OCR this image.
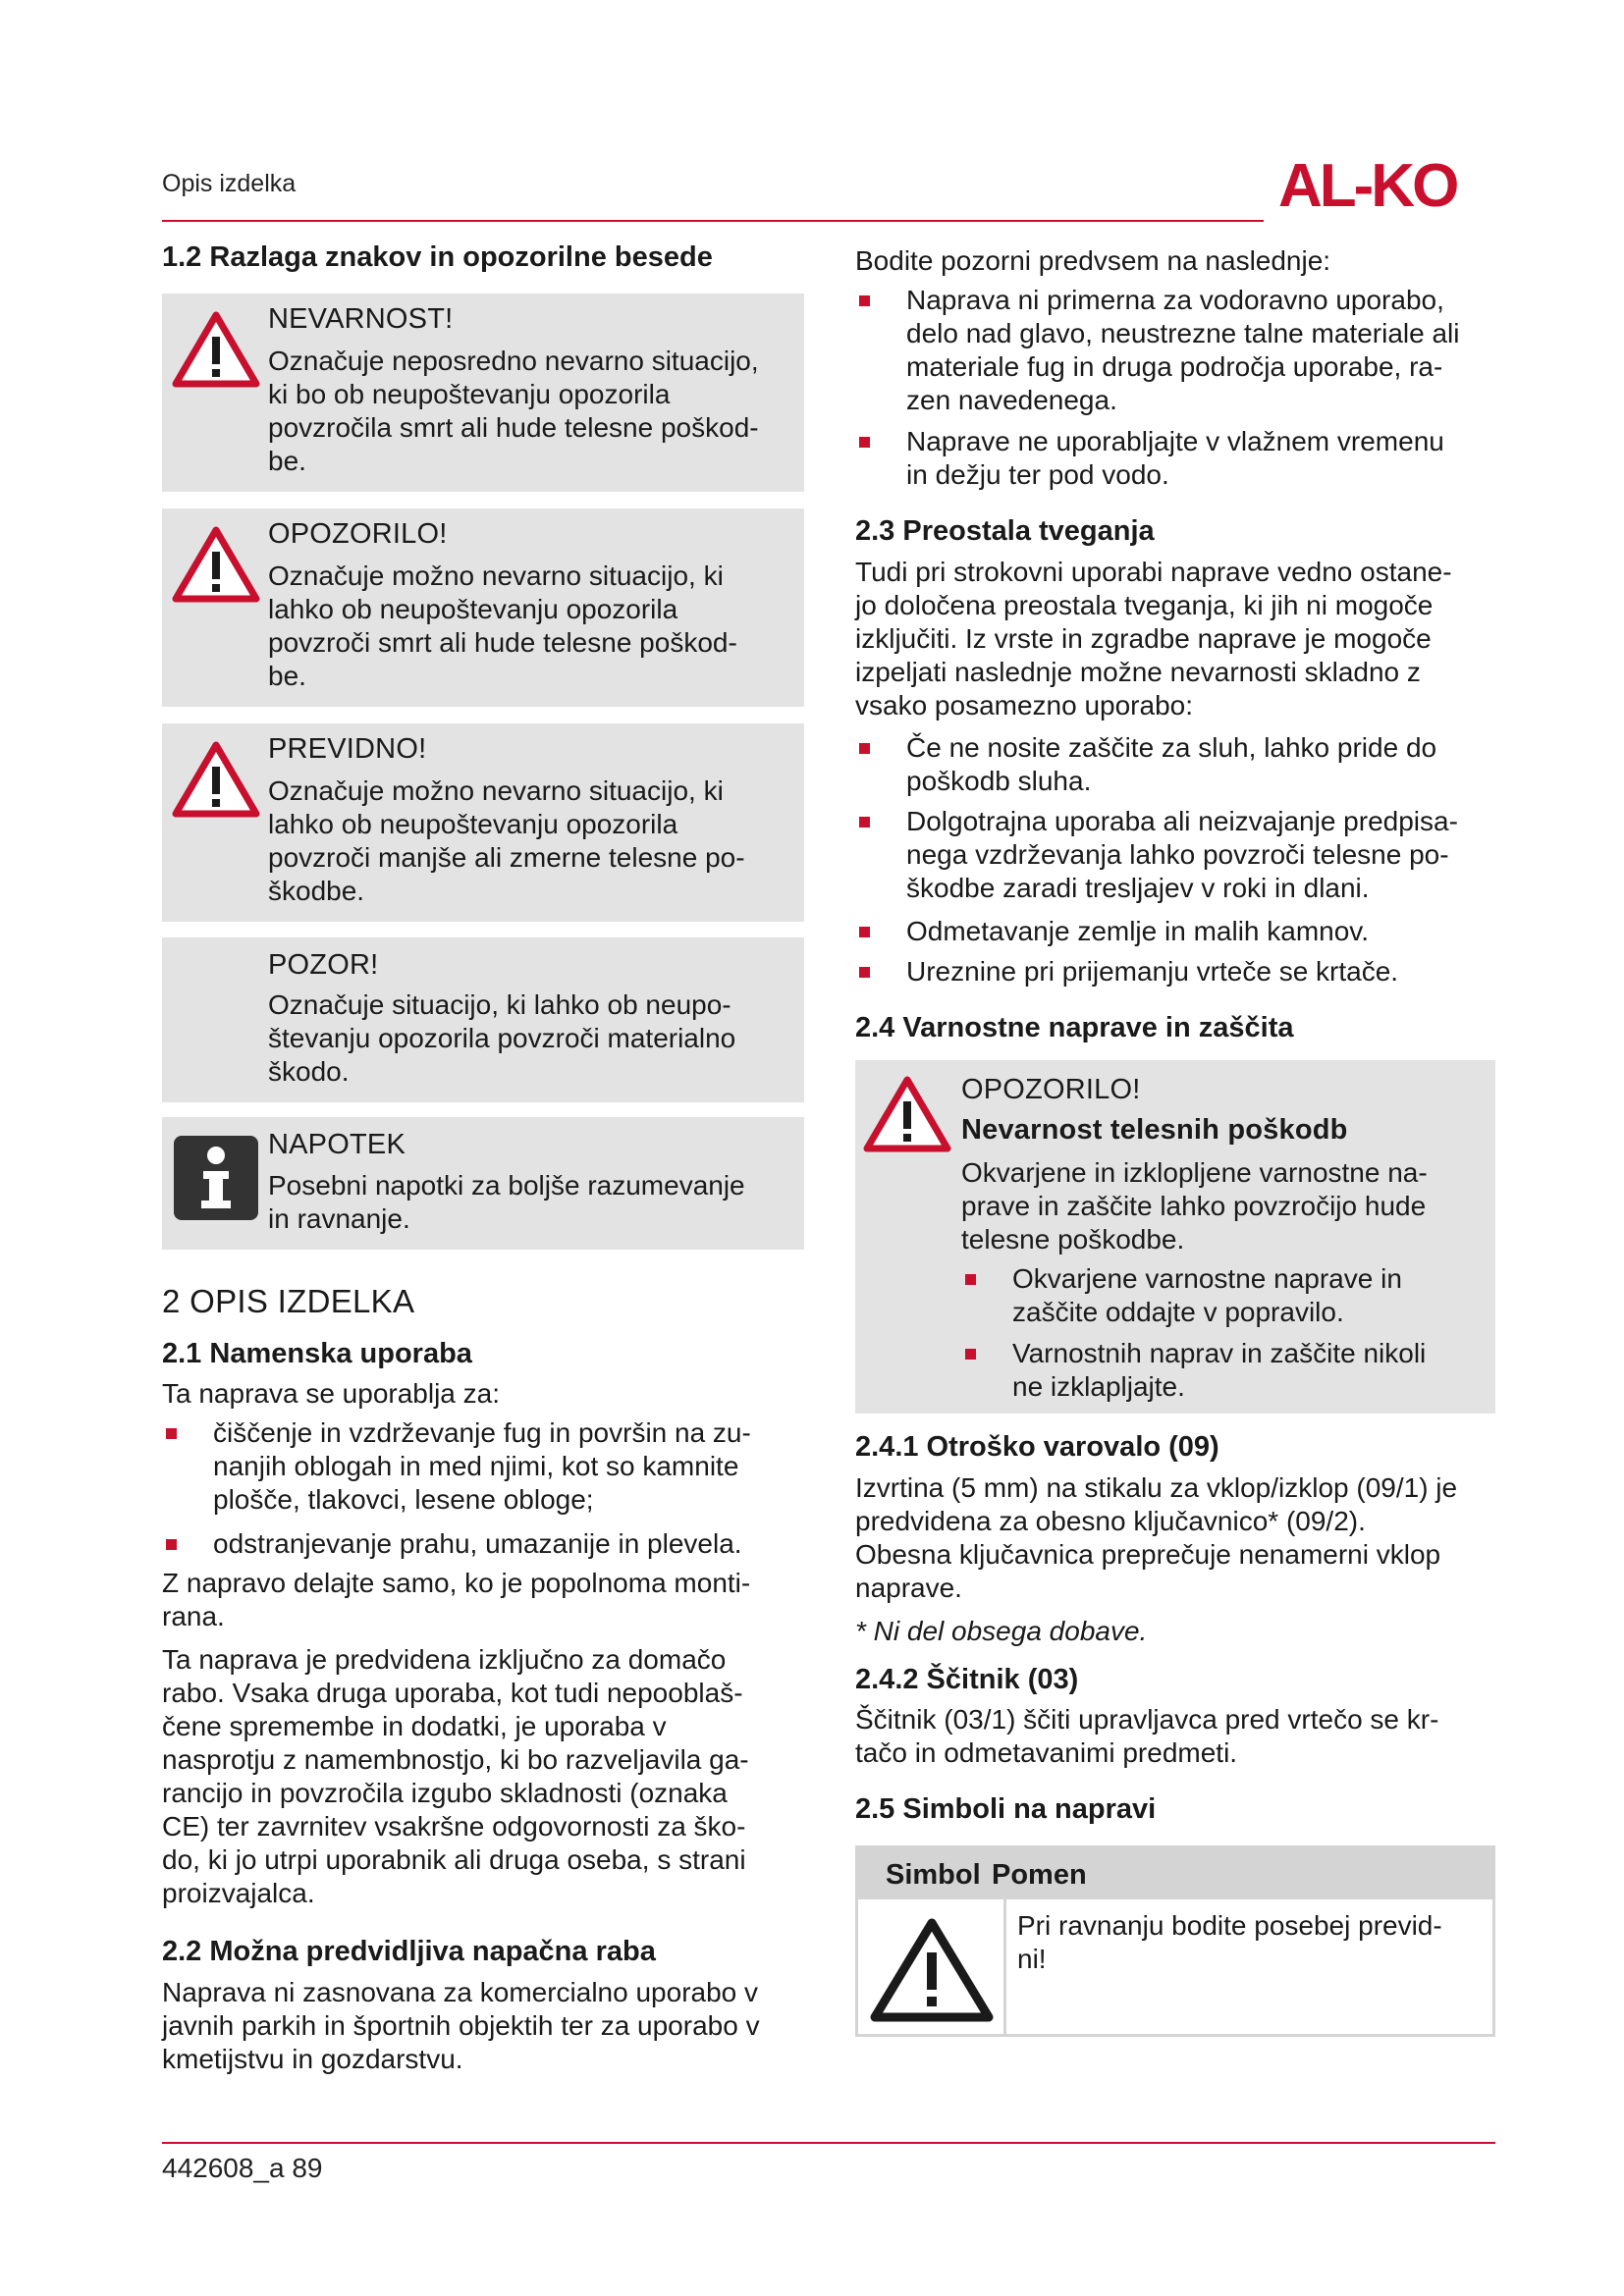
Opis izdelka	AL-KO
1.2 Razlaga znakov in opozorilne besede
NEVARNOST!
Označuje neposredno nevarno situacijo,
ki bo ob neupoštevanju opozorila
povzročila smrt ali hude telesne poškod-
be.
OPOZORILO!
Označuje možno nevarno situacijo, ki
lahko ob neupoštevanju opozorila
povzroči smrt ali hude telesne poškod-
be.
PREVIDNO!
Označuje možno nevarno situacijo, ki
lahko ob neupoštevanju opozorila
povzroči manjše ali zmerne telesne po-
škodbe.
POZOR!
Označuje situacijo, ki lahko ob neupo-
števanju opozorila povzroči materialno
škodo.
NAPOTEK
Posebni napotki za boljše razumevanje
in ravnanje.
2 OPIS IZDELKA
2.1 Namenska uporaba
Ta naprava se uporablja za:
čiščenje in vzdrževanje fug in površin na zu-
nanjih oblogah in med njimi, kot so kamnite
plošče, tlakovci, lesene obloge;
odstranjevanje prahu, umazanije in plevela.
Z napravo delajte samo, ko je popolnoma monti-
rana.
Ta naprava je predvidena izključno za domačo
rabo. Vsaka druga uporaba, kot tudi nepooblaš-
čene spremembe in dodatki, je uporaba v
nasprotju z namembnostjo, ki bo razveljavila ga-
rancijo in povzročila izgubo skladnosti (oznaka
CE) ter zavrnitev vsakršne odgovornosti za ško-
do, ki jo utrpi uporabnik ali druga oseba, s strani
proizvajalca.
2.2 Možna predvidljiva napačna raba
Naprava ni zasnovana za komercialno uporabo v
javnih parkih in športnih objektih ter za uporabo v
kmetijstvu in gozdarstvu.
Bodite pozorni predvsem na naslednje:
Naprava ni primerna za vodoravno uporabo,
delo nad glavo, neustrezne talne materiale ali
materiale fug in druga področja uporabe, ra-
zen navedenega.
Naprave ne uporabljajte v vlažnem vremenu
in dežju ter pod vodo.
2.3 Preostala tveganja
Tudi pri strokovni uporabi naprave vedno ostane-
jo določena preostala tveganja, ki jih ni mogoče
izključiti. Iz vrste in zgradbe naprave je mogoče
izpeljati naslednje možne nevarnosti skladno z
vsako posamezno uporabo:
Če ne nosite zaščite za sluh, lahko pride do
poškodb sluha.
Dolgotrajna uporaba ali neizvajanje predpisa-
nega vzdrževanja lahko povzroči telesne po-
škodbe zaradi tresljajev v roki in dlani.
Odmetavanje zemlje in malih kamnov.
Ureznine pri prijemanju vrteče se krtače.
2.4 Varnostne naprave in zaščita
OPOZORILO!
Nevarnost telesnih poškodb
Okvarjene in izklopljene varnostne na-
prave in zaščite lahko povzročijo hude
telesne poškodbe.
Okvarjene varnostne naprave in
zaščite oddajte v popravilo.
Varnostnih naprav in zaščite nikoli
ne izklapljajte.
2.4.1 Otroško varovalo (09)
Izvrtina (5 mm) na stikalu za vklop/izklop (09/1) je
predvidena za obesno ključavnico* (09/2).
Obesna ključavnica preprečuje nenamerni vklop
naprave.
* Ni del obsega dobave.
2.4.2 Ščitnik (03)
Ščitnik (03/1) ščiti upravljavca pred vrtečo se kr-
tačo in odmetavanimi predmeti.
2.5 Simboli na napravi
Simbol Pomen
Pri ravnanju bodite posebej previd-
ni!
442608_a 89
